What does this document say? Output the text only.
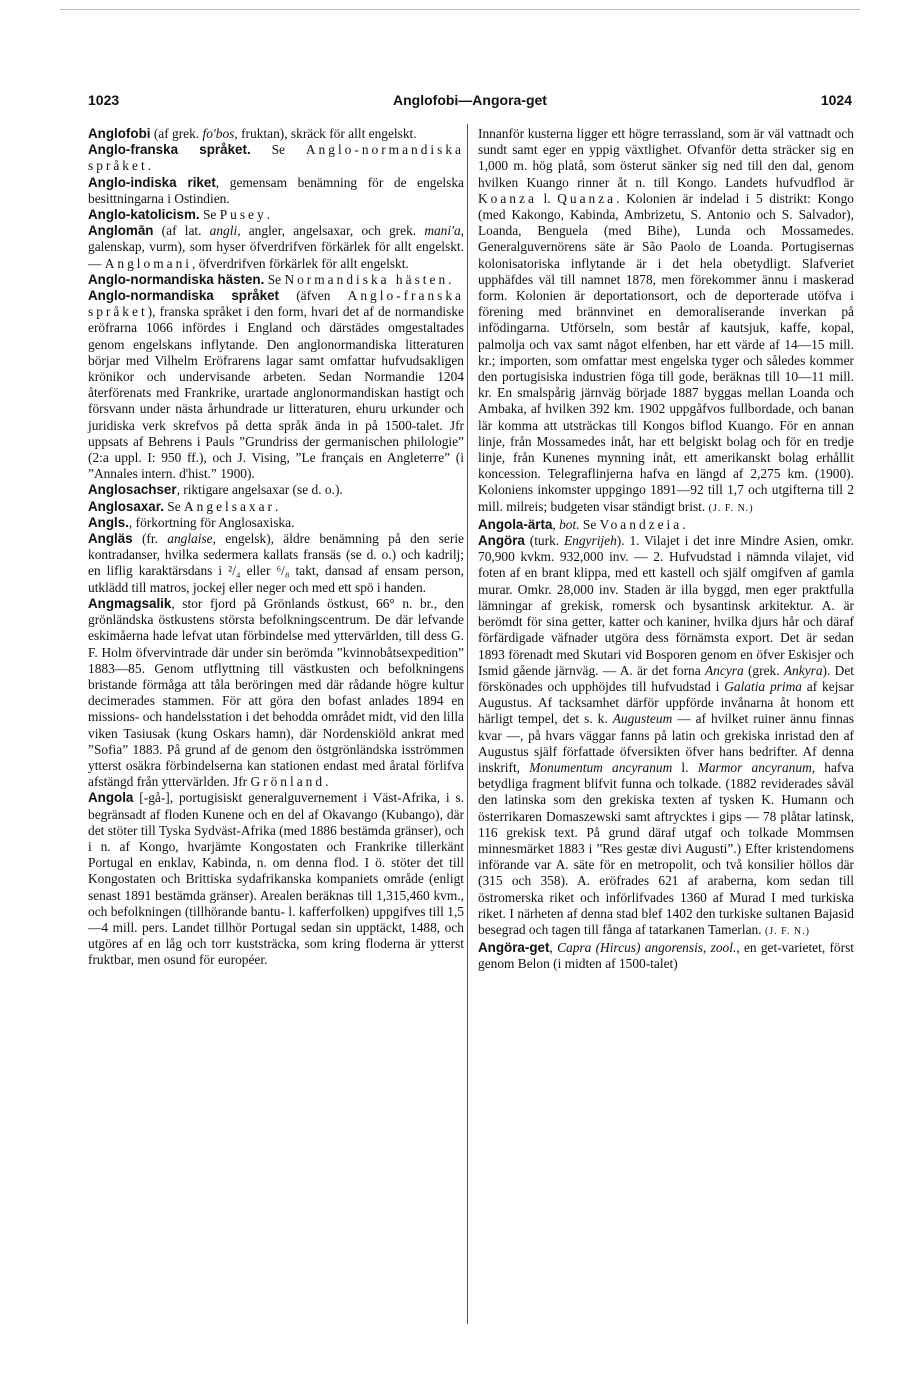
1023	Anglofobi—Angora-get	1024

Anglofobi (af grek. fo'bos, fruktan), skräck för allt engelskt.

Anglo-franska språket. Se Anglo-normandiska språket.

Anglo-indiska riket, gemensam benämning för de engelska besittningarna i Ostindien.

Anglo-katolicism. Se Pusey.

Anglomān (af lat. angli, angler, angelsaxar, och grek. mani'a, galenskap, vurm), som hyser öfverdrifven förkärlek för allt engelskt. — Anglomani, öfverdrifven förkärlek för allt engelskt.

Anglo-normandiska hästen. Se Normandiska hästen.

Anglo-normandiska språket (äfven Anglo-franska språket), franska språket i den form, hvari det af de normandiske eröfrarna 1066 infördes i England och därstädes omgestaltades genom engelskans inflytande. Den anglonormandiska litteraturen börjar med Vilhelm Eröfrarens lagar samt omfattar hufvudsakligen krönikor och undervisande arbeten. Sedan Normandie 1204 återförenats med Frankrike, urartade anglonormandiskan hastigt och försvann under nästa århundrade ur litteraturen, ehuru urkunder och juridiska verk skrefvos på detta språk ända in på 1500-talet. Jfr uppsats af Behrens i Pauls ”Grundriss der germanischen philologie” (2:a uppl. I: 950 ff.), och J. Vising, ”Le français en Angleterre” (i ”Annales intern. d'hist.” 1900).

Anglosachser, riktigare angelsaxar (se d. o.).

Anglosaxar. Se Angelsaxar.

Angls., förkortning för Anglosaxiska.

Angläs (fr. anglaise, engelsk), äldre benämning på den serie kontradanser, hvilka sedermera kallats fransäs (se d. o.) och kadrilj; en liflig karaktärsdans i ²/₄ eller ⁶/₈ takt, dansad af ensam person, utklädd till matros, jockej eller neger och med ett spö i handen.

Angmagsalik, stor fjord på Grönlands östkust, 66° n. br., den grönländska östkustens största befolkningscentrum. De där lefvande eskimåerna hade lefvat utan förbindelse med yttervärlden, till dess G. F. Holm öfvervintrade där under sin berömda ”kvinnobåtsexpedition” 1883—85. Genom utflyttning till västkusten och befolkningens bristande förmåga att tåla beröringen med där rådande högre kultur decimerades stammen. För att göra den bofast anlades 1894 en missions- och handelsstation i det behodda området midt, vid den lilla viken Tasiusak (kung Oskars hamn), där Nordenskiöld ankrat med ”Sofia” 1883. På grund af de genom den östgrönländska isströmmen ytterst osäkra förbindelserna kan stationen endast med åratal förlifva afstängd från yttervärlden. Jfr Grönland.

Angola [-gå-], portugisiskt generalguvernement i Väst-Afrika, i s. begränsadt af floden Kunene och en del af Okavango (Kubango), där det stöter till Tyska Sydväst-Afrika (med 1886 bestämda gränser), och i n. af Kongo, hvarjämte Kongostaten och Frankrike tillerkänt Portugal en enklav, Kabinda, n. om denna flod. I ö. stöter det till Kongostaten och Brittiska sydafrikanska kompaniets område (enligt senast 1891 bestämda gränser). Arealen beräknas till 1,315,460 kvm., och befolkningen (tillhörande bantu- l. kafferfolken) uppgifves till 1,5—4 mill. pers. Landet tillhör Portugal sedan sin upptäckt, 1488, och utgöres af en låg och torr kuststräcka, som kring floderna är ytterst fruktbar, men osund för européer.

Innanför kusterna ligger ett högre terrassland, som är väl vattnadt och sundt samt eger en yppig växtlighet. Ofvanför detta sträcker sig en 1,000 m. hög platå, som österut sänker sig ned till den dal, genom hvilken Kuango rinner åt n. till Kongo. Landets hufvudflod är Koanza l. Quanza. Kolonien är indelad i 5 distrikt: Kongo (med Kakongo, Kabinda, Ambrizetu, S. Antonio och S. Salvador), Loanda, Benguela (med Bihe), Lunda och Mossamedes. Generalguvernörens säte är São Paolo de Loanda. Portugisernas kolonisatoriska inflytande är i det hela obetydligt. Slafveriet upphäfdes väl till namnet 1878, men förekommer ännu i maskerad form. Kolonien är deportationsort, och de deporterade utöfva i förening med brännvinet en demoraliserande inverkan på infödingarna. Utförseln, som består af kautsjuk, kaffe, kopal, palmolja och vax samt något elfenben, har ett värde af 14—15 mill. kr.; importen, som omfattar mest engelska tyger och således kommer den portugisiska industrien föga till gode, beräknas till 10—11 mill. kr. En smalspårig järnväg började 1887 byggas mellan Loanda och Ambaka, af hvilken 392 km. 1902 uppgåfvos fullbordade, och banan lär komma att utsträckas till Kongos biflod Kuango. För en annan linje, från Mossamedes inåt, har ett belgiskt bolag och för en tredje linje, från Kunenes mynning inåt, ett amerikanskt bolag erhållit koncession. Telegraflinjerna hafva en längd af 2,275 km. (1900). Koloniens inkomster uppgingo 1891—92 till 1,7 och utgifterna till 2 mill. milreis; budgeten visar ständigt brist. (J. F. N.)

Angola-ärta, bot. Se Voandzeia.

Angöra (turk. Engyrijeh). 1. Vilajet i det inre Mindre Asien, omkr. 70,900 kvkm. 932,000 inv. — 2. Hufvudstad i nämnda vilajet, vid foten af en brant klippa, med ett kastell och själf omgifven af gamla murar. Omkr. 28,000 inv. Staden är illa byggd, men eger praktfulla lämningar af grekisk, romersk och bysantinsk arkitektur. A. är berömdt för sina getter, katter och kaniner, hvilka djurs hår och däraf förfärdigade väfnader utgöra dess förnämsta export. Det är sedan 1893 förenadt med Skutari vid Bosporen genom en öfver Eskisjer och Ismid gående järnväg. — A. är det forna Ancyra (grek. Ankyra). Det förskönades och upphöjdes till hufvudstad i Galatia prima af kejsar Augustus. Af tacksamhet därför uppförde invånarna åt honom ett härligt tempel, det s. k. Augusteum — af hvilket ruiner ännu finnas kvar —, på hvars väggar fanns på latin och grekiska inristad den af Augustus själf författade öfversikten öfver hans bedrifter. Af denna inskrift, Monumentum ancyranum l. Marmor ancyranum, hafva betydliga fragment blifvit funna och tolkade. (1882 reviderades såväl den latinska som den grekiska texten af tysken K. Humann och österrikaren Domaszewski samt aftrycktes i gips — 78 plåtar latinsk, 116 grekisk text. På grund däraf utgaf och tolkade Mommsen minnesmärket 1883 i ”Res gestæ divi Augusti”.) Efter kristendomens införande var A. säte för en metropolit, och två konsilier höllos där (315 och 358). A. eröfrades 621 af araberna, kom sedan till östromerska riket och införlifvades 1360 af Murad I med turkiska riket. I närheten af denna stad blef 1402 den turkiske sultanen Bajasid besegrad och tagen till fånga af tatarkanen Tamerlan. (J. F. N.)

Angöra-get, Capra (Hircus) angorensis, zool., en get-varietet, först genom Belon (i midten af 1500-talet)
